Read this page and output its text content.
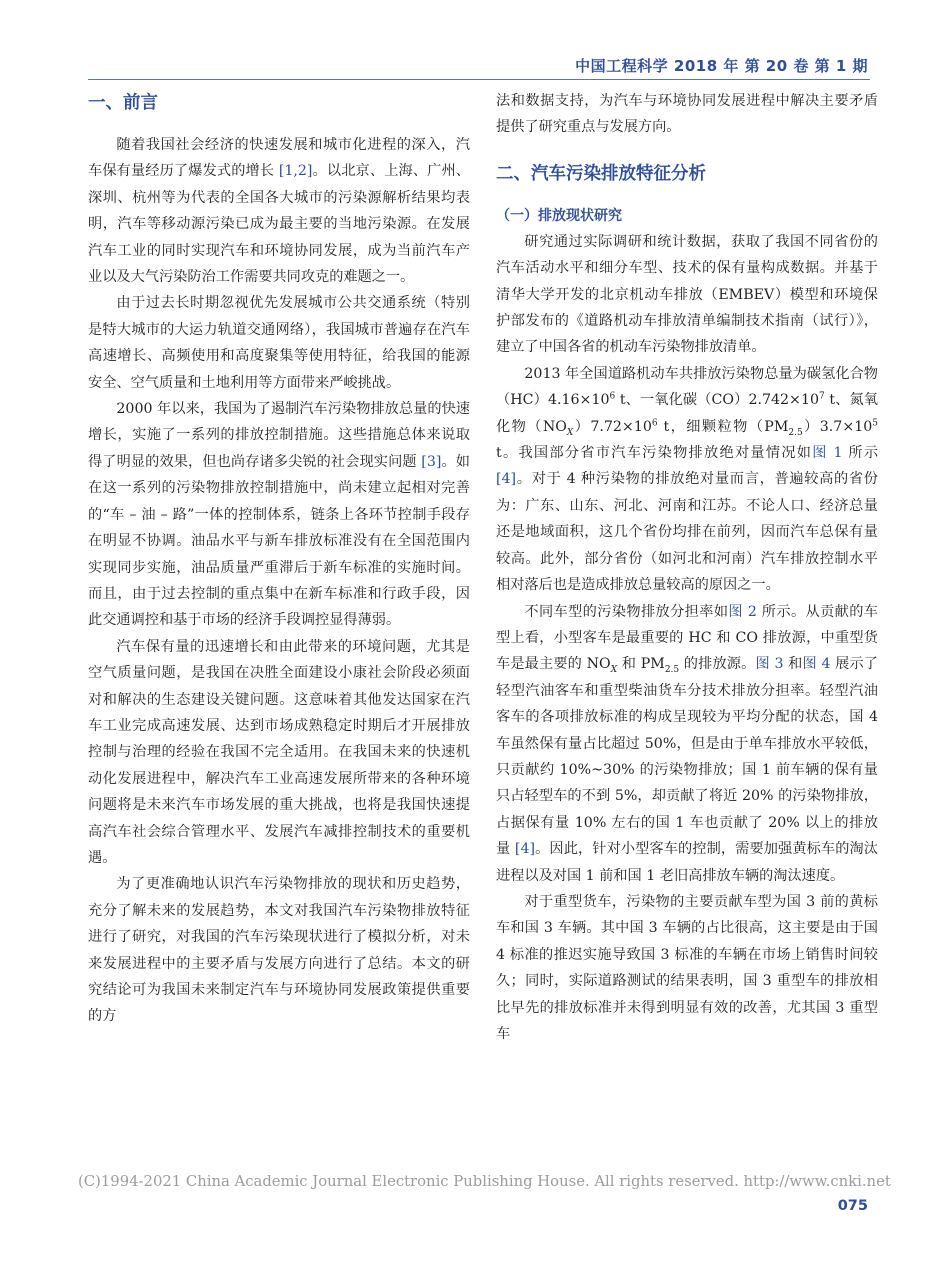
中国工程科学 2018 年 第 20 卷 第 1 期
一、前言

随着我国社会经济的快速发展和城市化进程的深入，汽车保有量经历了爆发式的增长 [1,2]。以北京、上海、广州、深圳、杭州等为代表的全国各大城市的污染源解析结果均表明，汽车等移动源污染已成为最主要的当地污染源。在发展汽车工业的同时实现汽车和环境协同发展，成为当前汽车产业以及大气污染防治工作需要共同攻克的难题之一。

由于过去长时期忽视优先发展城市公共交通系统（特别是特大城市的大运力轨道交通网络），我国城市普遍存在汽车高速增长、高频使用和高度聚集等使用特征，给我国的能源安全、空气质量和土地利用等方面带来严峻挑战。

2000 年以来，我国为了遏制汽车污染物排放总量的快速增长，实施了一系列的排放控制措施。这些措施总体来说取得了明显的效果，但也尚存诸多尖锐的社会现实问题 [3]。如在这一系列的污染物排放控制措施中，尚未建立起相对完善的“车 – 油 – 路”一体的控制体系，链条上各环节控制手段存在明显不协调。油品水平与新车排放标准没有在全国范围内实现同步实施，油品质量严重滞后于新车标准的实施时间。而且，由于过去控制的重点集中在新车标准和行政手段，因此交通调控和基于市场的经济手段调控显得薄弱。

汽车保有量的迅速增长和由此带来的环境问题，尤其是空气质量问题，是我国在决胜全面建设小康社会阶段必须面对和解决的生态建设关键问题。这意味着其他发达国家在汽车工业完成高速发展、达到市场成熟稳定时期后才开展排放控制与治理的经验在我国不完全适用。在我国未来的快速机动化发展进程中，解决汽车工业高速发展所带来的各种环境问题将是未来汽车市场发展的重大挑战，也将是我国快速提高汽车社会综合管理水平、发展汽车减排控制技术的重要机遇。

为了更准确地认识汽车污染物排放的现状和历史趋势，充分了解未来的发展趋势，本文对我国汽车污染物排放特征进行了研究，对我国的汽车污染现状进行了模拟分析，对未来发展进程中的主要矛盾与发展方向进行了总结。本文的研究结论可为我国未来制定汽车与环境协同发展政策提供重要的方

法和数据支持，为汽车与环境协同发展进程中解决主要矛盾提供了研究重点与发展方向。

二、汽车污染排放特征分析
（一）排放现状研究

研究通过实际调研和统计数据，获取了我国不同省份的汽车活动水平和细分车型、技术的保有量构成数据。并基于清华大学开发的北京机动车排放（EMBEV）模型和环境保护部发布的《道路机动车排放清单编制技术指南（试行）》，建立了中国各省的机动车污染物排放清单。

2013 年全国道路机动车共排放污染物总量为碳氢化合物$(HC)4.16\times 10^6$ t、一氧化碳$(CO)2.742\times 10^7$ t、氮氧化物$(NO_X)7.72\times 10^6$ t，细颗粒物$(PM_{2.5})3.7\times 10^5$ t。我国部分省市汽车污染物排放绝对量情况如图 1 所示 [4]。对于 4 种污染物的排放绝对量而言，普遍较高的省份为：广东、山东、河北、河南和江苏。不论人口、经济总量还是地域面积，这几个省份均排在前列，因而汽车总保有量较高。此外，部分省份（如河北和河南）汽车排放控制水平相对落后也是造成排放总量较高的原因之一。

不同车型的污染物排放分担率如图 2 所示。从贡献的车型上看，小型客车是最重要的 HC 和 CO 排放源，中重型货车是最主要的 $NO_X$ 和 $PM_{2.5}$ 的排放源。图 3 和图 4 展示了轻型汽油客车和重型柴油货车分技术排放分担率。轻型汽油客车的各项排放标准的构成呈现较为平均分配的状态，国 4 车虽然保有量占比超过 50%，但是由于单车排放水平较低，只贡献约 10%~30% 的污染物排放；国 1 前车辆的保有量只占轻型车的不到 5%，却贡献了将近 20% 的污染物排放，占据保有量 10% 左右的国 1 车也贡献了 20% 以上的排放量 [4]。因此，针对小型客车的控制，需要加强黄标车的淘汰进程以及对国 1 前和国 1 老旧高排放车辆的淘汰速度。

对于重型货车，污染物的主要贡献车型为国 3 前的黄标车和国 3 车辆。其中国 3 车辆的占比很高，这主要是由于国 4 标准的推迟实施导致国 3 标准的车辆在市场上销售时间较久；同时，实际道路测试的结果表明，国 3 重型车的排放相比早先的排放标准并未得到明显有效的改善，尤其国 3 重型车

(C)1994-2021 China Academic Journal Electronic Publishing House. All rights reserved. http://www.cnki.net
075
